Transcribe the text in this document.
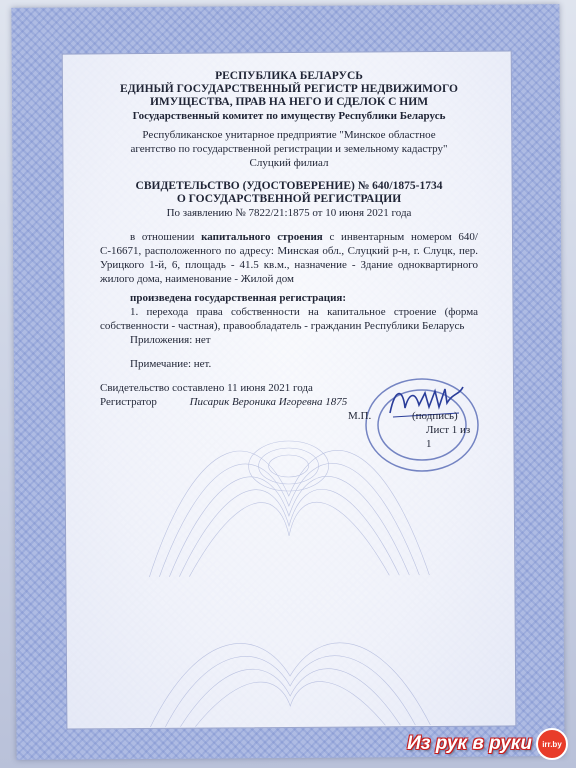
РЕСПУБЛИКА БЕЛАРУСЬ
ЕДИНЫЙ ГОСУДАРСТВЕННЫЙ РЕГИСТР НЕДВИЖИМОГО
ИМУЩЕСТВА, ПРАВ НА НЕГО И СДЕЛОК С НИМ
Государственный комитет по имуществу Республики Беларусь
Республиканское унитарное предприятие "Минское областное
агентство по государственной регистрации и земельному кадастру"
Слуцкий филиал
СВИДЕТЕЛЬСТВО (УДОСТОВЕРЕНИЕ) № 640/1875-1734
О ГОСУДАРСТВЕННОЙ РЕГИСТРАЦИИ
По заявлению № 7822/21:1875 от 10 июня 2021 года
в отношении капитального строения с инвентарным номером 640/С-16671, расположенного по адресу: Минская обл., Слуцкий р-н, г. Слуцк, пер. Урицкого 1-й, 6, площадь - 41.5 кв.м., назначение - Здание одноквартирного жилого дома, наименование - Жилой дом
произведена государственная регистрация:
1. перехода права собственности на капитальное строение (форма собственности - частная), правообладатель - гражданин Республики Беларусь
Приложения: нет
Примечание: нет.
Свидетельство составлено 11 июня 2021 года
Регистратор	Писарик Вероника Игоревна 1875
М.П.	(подпись)
Лист 1 из 1
Из рук в руки	irr.by
